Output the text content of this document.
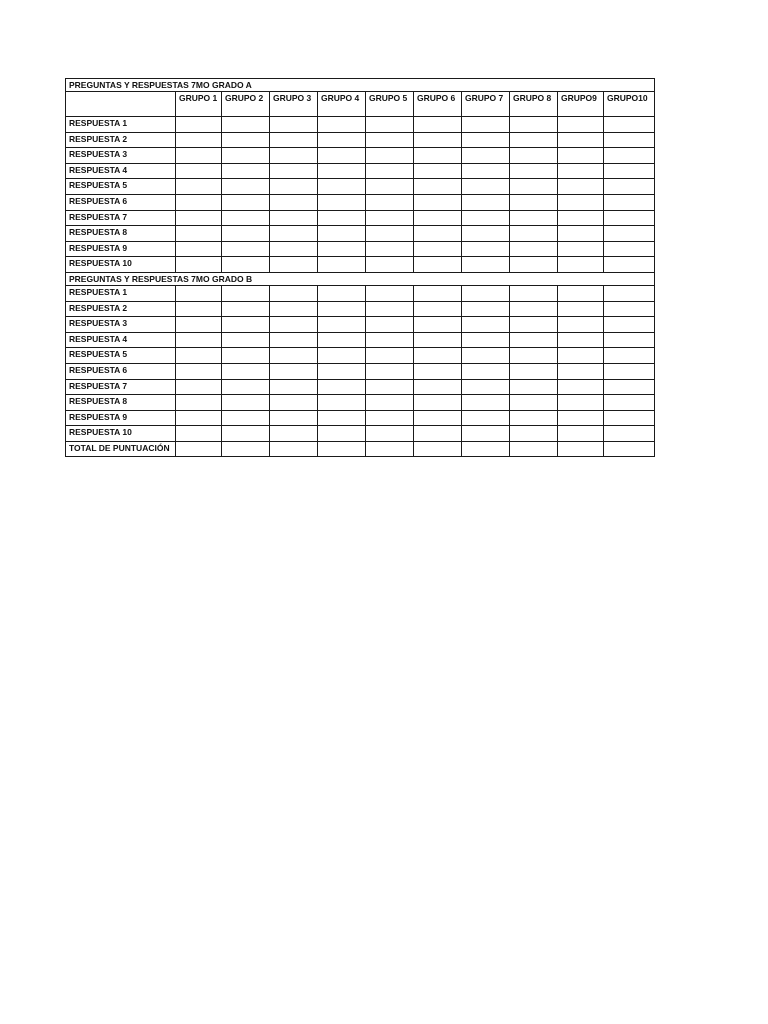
PREGUNTAS Y RESPUESTAS 7MO GRADO A										
	GRUPO 1	GRUPO 2	GRUPO 3	GRUPO 4	GRUPO 5	GRUPO 6	GRUPO 7	GRUPO 8	GRUPO9	GRUPO10
RESPUESTA 1										
RESPUESTA 2										
RESPUESTA 3										
RESPUESTA 4										
RESPUESTA 5										
RESPUESTA 6										
RESPUESTA 7										
RESPUESTA 8										
RESPUESTA 9										
RESPUESTA 10										
PREGUNTAS Y RESPUESTAS 7MO GRADO B										
RESPUESTA 1										
RESPUESTA 2										
RESPUESTA 3										
RESPUESTA 4										
RESPUESTA 5										
RESPUESTA 6										
RESPUESTA 7										
RESPUESTA 8										
RESPUESTA 9										
RESPUESTA 10										
TOTAL DE PUNTUACIÓN										
